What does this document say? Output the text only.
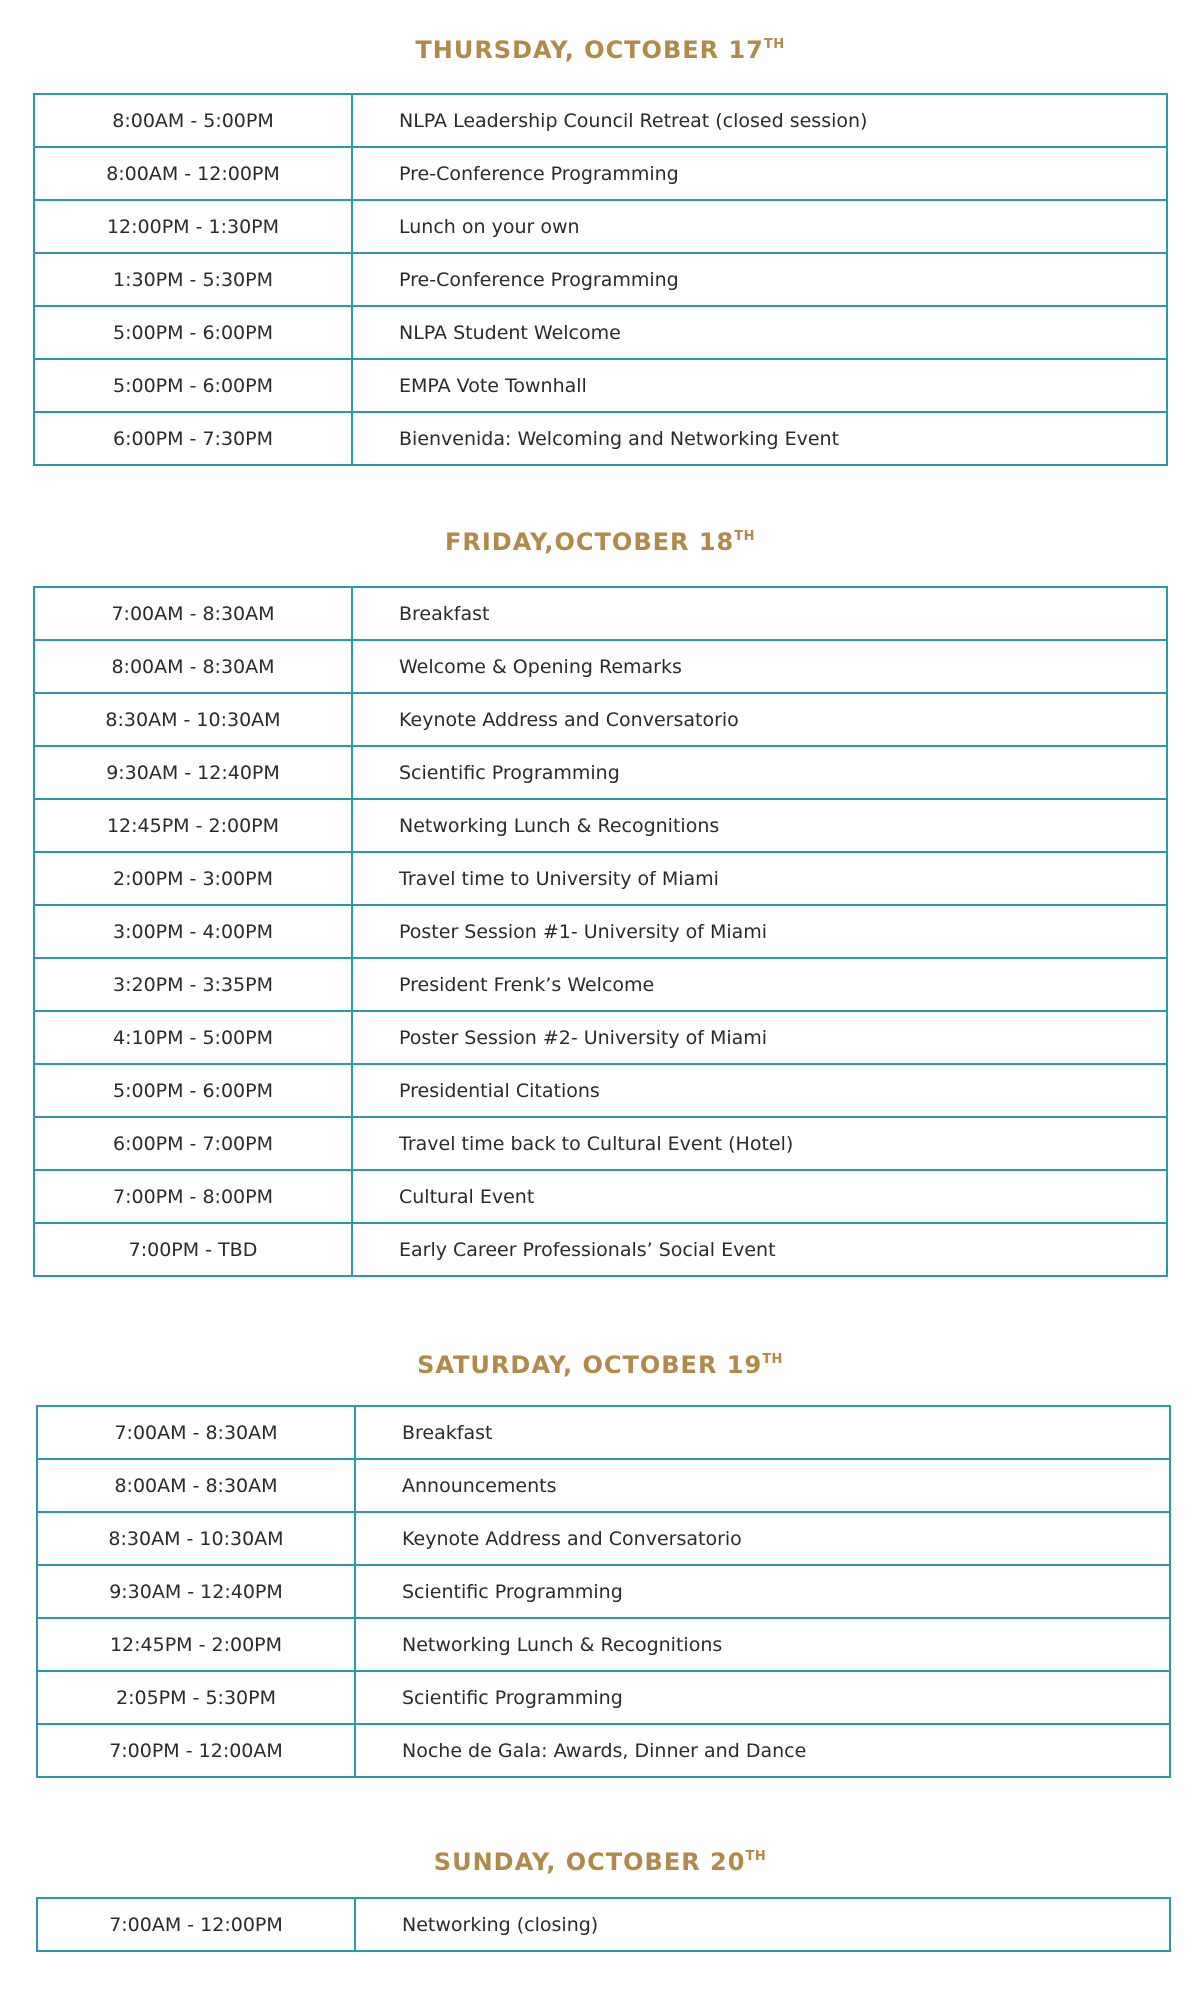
THURSDAY, OCTOBER 17TH
8:00AM - 5:00PM	NLPA Leadership Council Retreat (closed session)
8:00AM - 12:00PM	Pre-Conference Programming
12:00PM - 1:30PM	Lunch on your own
1:30PM - 5:30PM	Pre-Conference Programming
5:00PM - 6:00PM	NLPA Student Welcome
5:00PM - 6:00PM	EMPA Vote Townhall
6:00PM - 7:30PM	Bienvenida: Welcoming and Networking Event
FRIDAY,OCTOBER 18TH
7:00AM - 8:30AM	Breakfast
8:00AM - 8:30AM	Welcome & Opening Remarks
8:30AM - 10:30AM	Keynote Address and Conversatorio
9:30AM - 12:40PM	Scientific Programming
12:45PM - 2:00PM	Networking Lunch & Recognitions
2:00PM - 3:00PM	Travel time to University of Miami
3:00PM - 4:00PM	Poster Session #1- University of Miami
3:20PM - 3:35PM	President Frenk’s Welcome
4:10PM - 5:00PM	Poster Session #2- University of Miami
5:00PM - 6:00PM	Presidential Citations
6:00PM - 7:00PM	Travel time back to Cultural Event (Hotel)
7:00PM - 8:00PM	Cultural Event
7:00PM - TBD	Early Career Professionals’ Social Event
SATURDAY, OCTOBER 19TH
7:00AM - 8:30AM	Breakfast
8:00AM - 8:30AM	Announcements
8:30AM - 10:30AM	Keynote Address and Conversatorio
9:30AM - 12:40PM	Scientific Programming
12:45PM - 2:00PM	Networking Lunch & Recognitions
2:05PM - 5:30PM	Scientific Programming
7:00PM - 12:00AM	Noche de Gala: Awards, Dinner and Dance
SUNDAY, OCTOBER 20TH
7:00AM - 12:00PM	Networking (closing)
